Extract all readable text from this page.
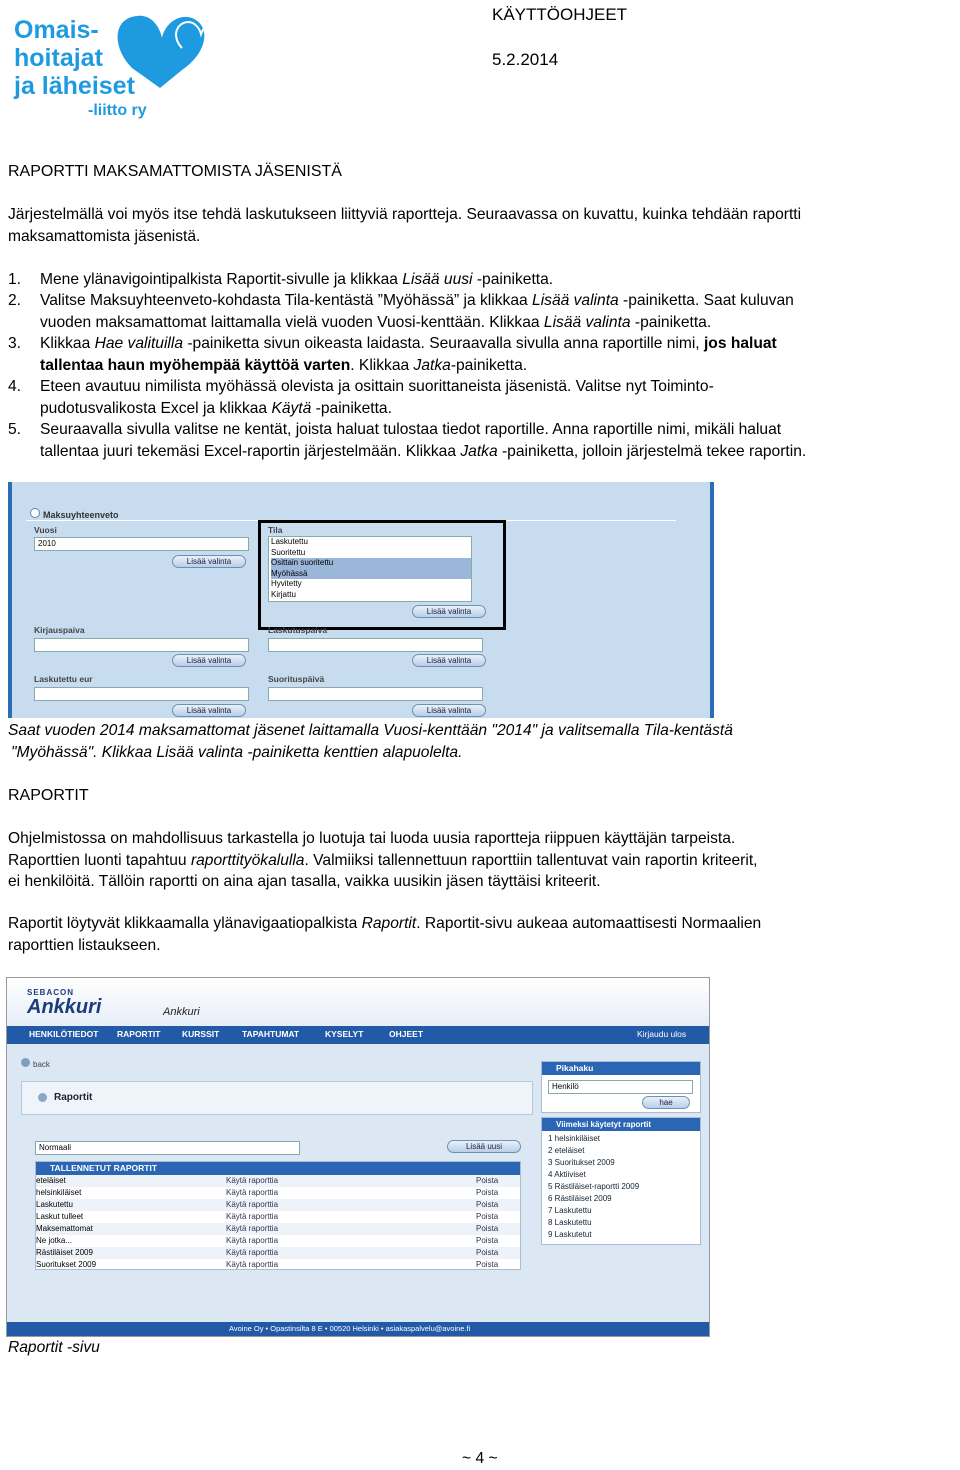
Omais-
hoitajat
ja läheiset
-liitto ry
KÄYTTÖOHJEET
5.2.2014
RAPORTTI MAKSAMATTOMISTA JÄSENISTÄ
Järjestelmällä voi myös itse tehdä laskutukseen liittyviä raportteja. Seuraavassa on kuvattu, kuinka tehdään raportti
maksamattomista jäsenistä.
1. Mene ylänavigointipalkista Raportit-sivulle ja klikkaa Lisää uusi -painiketta.
2. Valitse Maksuyhteenveto-kohdasta Tila-kentästä ”Myöhässä” ja klikkaa Lisää valinta -painiketta. Saat kuluvan
vuoden maksamattomat laittamalla vielä vuoden Vuosi-kenttään. Klikkaa Lisää valinta -painiketta.
3. Klikkaa Hae valituilla -painiketta sivun oikeasta laidasta. Seuraavalla sivulla anna raportille nimi, jos haluat
tallentaa haun myöhempää käyttöä varten. Klikkaa Jatka-painiketta.
4. Eteen avautuu nimilista myöhässä olevista ja osittain suorittaneista jäsenistä. Valitse nyt Toiminto-
pudotusvalikosta Excel ja klikkaa Käytä -painiketta.
5. Seuraavalla sivulla valitse ne kentät, joista haluat tulostaa tiedot raportille. Anna raportille nimi, mikäli haluat
tallentaa juuri tekemäsi Excel-raportin järjestelmään. Klikkaa Jatka -painiketta, jolloin järjestelmä tekee raportin.
Maksuyhteenveto
Vuosi
2010
Lisää valinta
Tila
Laskutettu
Suoritettu
Osittain suoritettu
Myöhässä
Hyvitetty
Kirjattu
Lisää valinta
Kirjauspaiva
Lisää valinta
Laskutuspaiva
Lisää valinta
Laskutettu eur
Lisää valinta
Suorituspäivä
Lisää valinta
Saat vuoden 2014 maksamattomat jäsenet laittamalla Vuosi-kenttään "2014" ja valitsemalla Tila-kentästä
"Myöhässä". Klikkaa Lisää valinta -painiketta kenttien alapuolelta.
RAPORTIT
Ohjelmistossa on mahdollisuus tarkastella jo luotuja tai luoda uusia raportteja riippuen käyttäjän tarpeista.
Raporttien luonti tapahtuu raporttityökalulla. Valmiiksi tallennettuun raporttiin tallentuvat vain raportin kriteerit,
ei henkilöitä. Tällöin raportti on aina ajan tasalla, vaikka uusikin jäsen täyttäisi kriteerit.
Raportit löytyvät klikkaamalla ylänavigaatiopalkista Raportit. Raportit-sivu aukeaa automaattisesti Normaalien
raporttien listaukseen.
SEBACON
Ankkuri	Ankkuri
HENKILÖTIEDOT RAPORTIT	KURSSIT	TAPAHTUMAT	KYSELYT	OHJEET	Kirjaudu ulos
back
Raportit
Normaali	Lisää uusi
TALLENNETUT RAPORTIT
eteläiset	Käytä raporttia	Poista
helsinkiläiset	Käytä raporttia	Poista
Laskutettu	Käytä raporttia	Poista
Laskut tulleet	Käytä raporttia	Poista
Maksemattomat	Käytä raporttia	Poista
Ne jotka...	Käytä raporttia	Poista
Rästiläiset 2009	Käytä raporttia	Poista
Suoritukset 2009	Käytä raporttia	Poista
Pikahaku
Henkilö
hae
Viimeksi käytetyt raportit
1 helsinkiläiset
2 eteläiset
3 Suoritukset 2009
4 Aktiiviset
5 Rästiläiset-raportti 2009
6 Rästiläiset 2009
7 Laskutettu
8 Laskutettu
9 Laskutetut
Avoine Oy • Opastinsilta 8 E • 00520 Helsinki • asiakaspalvelu@avoine.fi
Raportit -sivu
~ 4 ~
